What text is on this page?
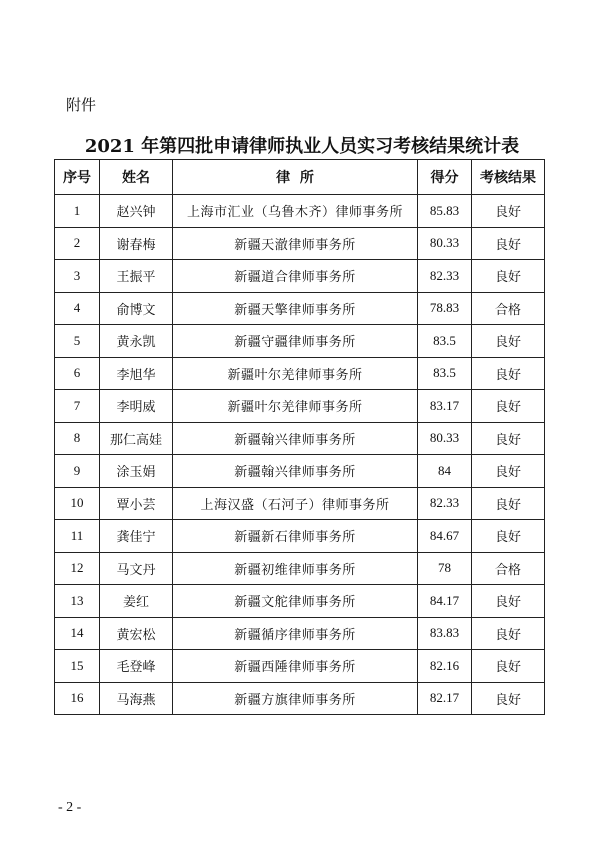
附件
2021 年第四批申请律师执业人员实习考核结果统计表
序号	姓名	律  所	得分	考核结果
1	赵兴钟	上海市汇业（乌鲁木齐）律师事务所	85.83	良好
2	谢春梅	新疆天澈律师事务所	80.33	良好
3	王振平	新疆道合律师事务所	82.33	良好
4	俞博文	新疆天擎律师事务所	78.83	合格
5	黄永凯	新疆守疆律师事务所	83.5	良好
6	李旭华	新疆叶尔羌律师事务所	83.5	良好
7	李明威	新疆叶尔羌律师事务所	83.17	良好
8	那仁高娃	新疆翰兴律师事务所	80.33	良好
9	涂玉娟	新疆翰兴律师事务所	84	良好
10	覃小芸	上海汉盛（石河子）律师事务所	82.33	良好
11	龚佳宁	新疆新石律师事务所	84.67	良好
12	马文丹	新疆初维律师事务所	78	合格
13	姜红	新疆文舵律师事务所	84.17	良好
14	黄宏松	新疆循序律师事务所	83.83	良好
15	毛登峰	新疆西陲律师事务所	82.16	良好
16	马海燕	新疆方旗律师事务所	82.17	良好
- 2 -
